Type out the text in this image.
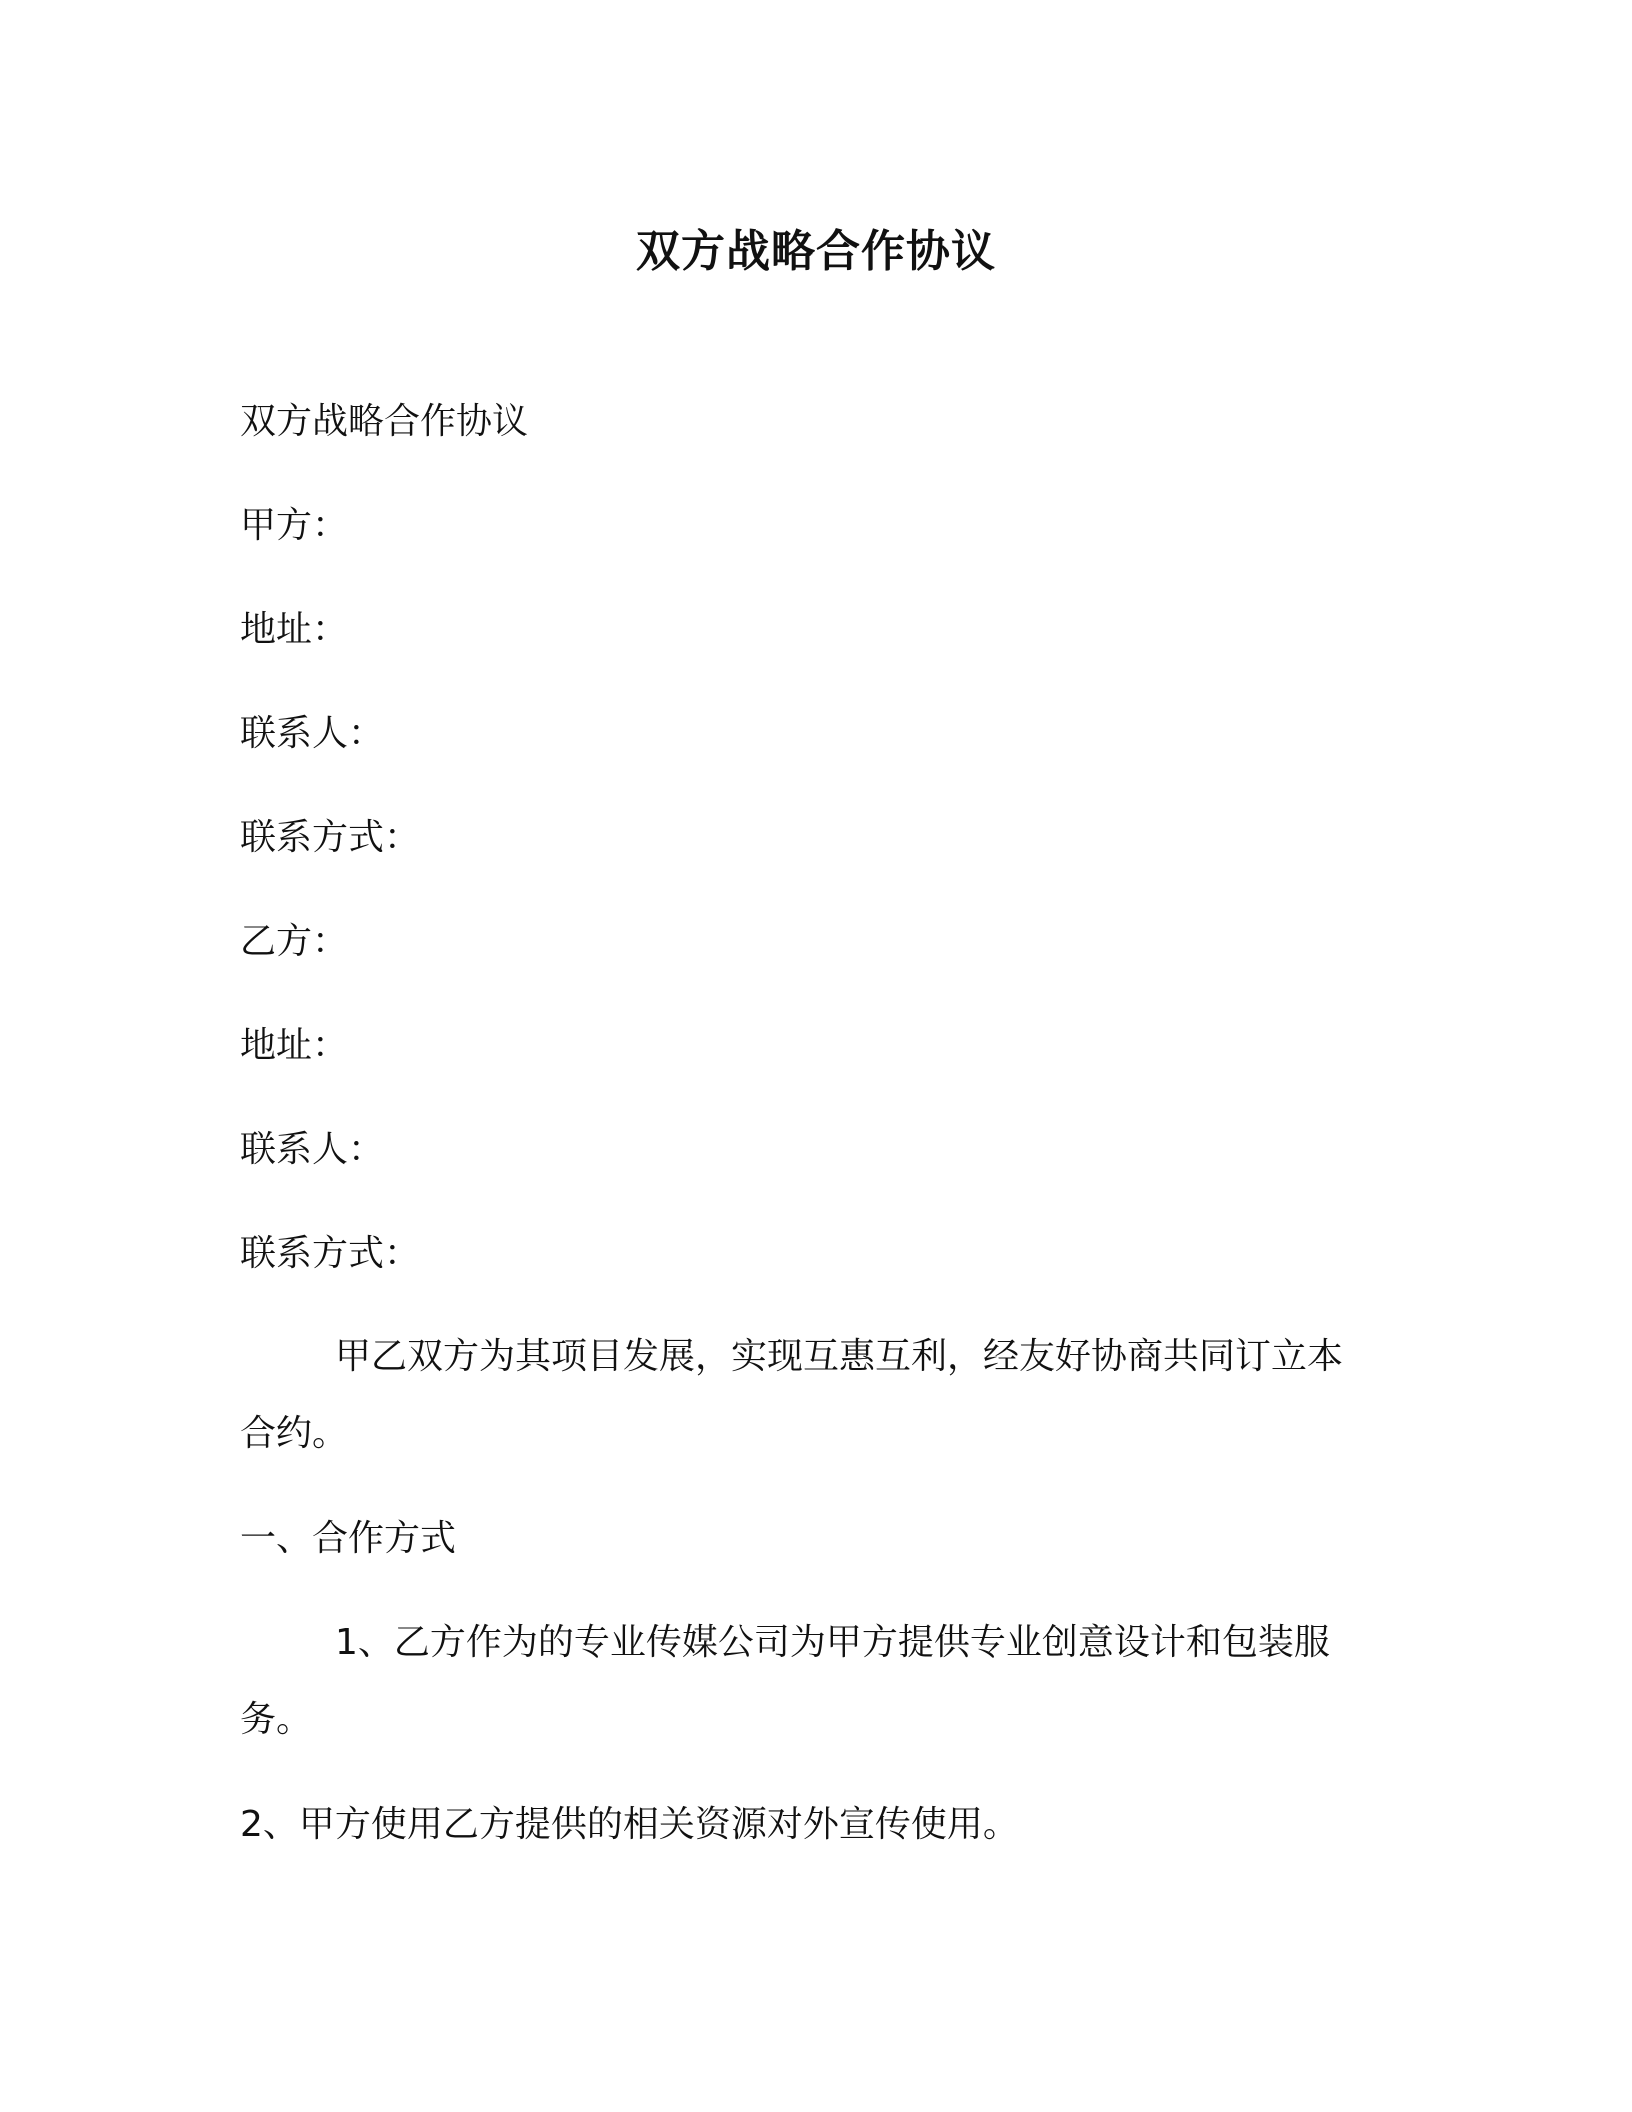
双方战略合作协议

双方战略合作协议

甲方：

地址：

联系人：

联系方式：

乙方：

地址：

联系人：

联系方式：

甲乙双方为其项目发展，实现互惠互利，经友好协商共同订立本
合约。

一、合作方式

1、乙方作为的专业传媒公司为甲方提供专业创意设计和包装服
务。

2、甲方使用乙方提供的相关资源对外宣传使用。
